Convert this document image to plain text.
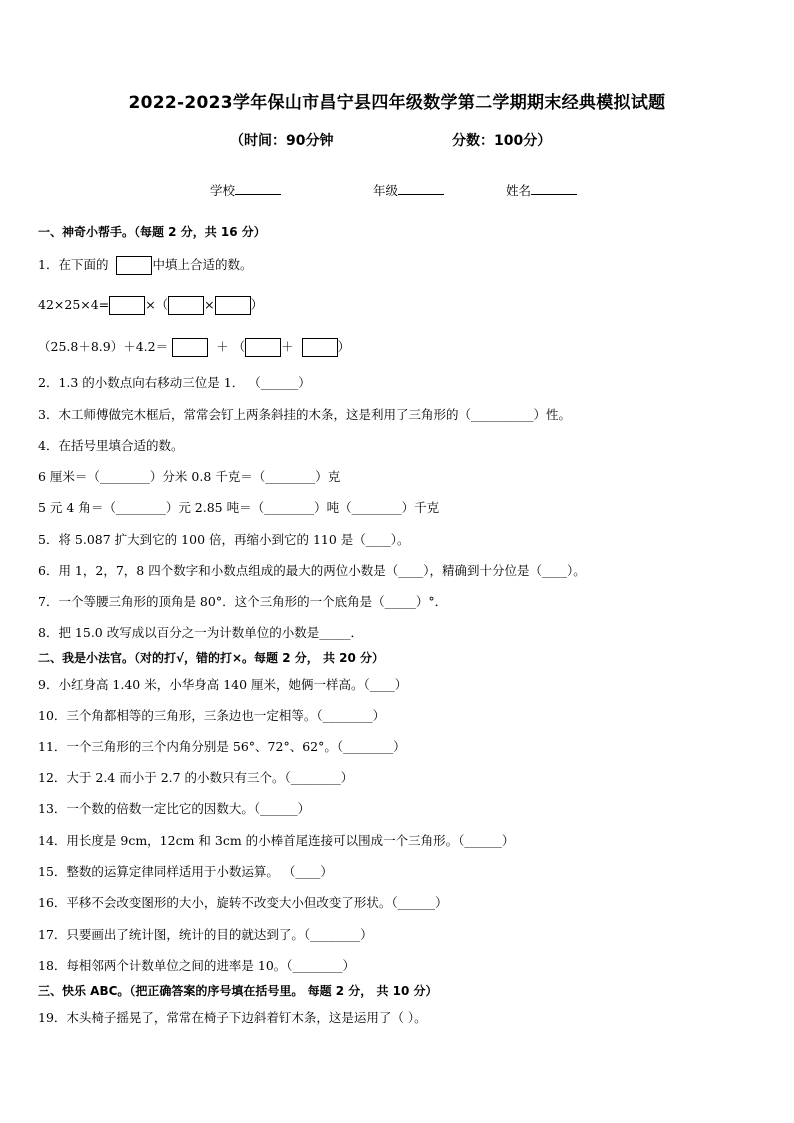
2022-2023学年保山市昌宁县四年级数学第二学期期末经典模拟试题
（时间：90分钟	分数：100分）
学校	年级	姓名
一、神奇小帮手。（每题 2 分，共 16 分）
1．在下面的	中填上合适的数。
42×25×4=	×（	×	）
（25.8＋8.9）＋4.2＝	＋ （	＋	）
2．1.3 的小数点向右移动三位是 1． （______）
3．木工师傅做完木框后，常常会钉上两条斜挂的木条，这是利用了三角形的（__________）性。
4．在括号里填合适的数。
6 厘米＝（________）分米 0.8 千克＝（________）克
5 元 4 角＝（________）元 2.85 吨＝（________）吨（________）千克
5．将 5.087 扩大到它的 100 倍，再缩小到它的 110 是（____）。
6．用 1，2，7，8 四个数字和小数点组成的最大的两位小数是（____），精确到十分位是（____）。
7．一个等腰三角形的顶角是 80°．这个三角形的一个底角是（_____）°．
8．把 15.0 改写成以百分之一为计数单位的小数是_____．
二、我是小法官。（对的打√，错的打×。每题 2 分， 共 20 分）
9．小红身高 1.40 米，小华身高 140 厘米，她俩一样高。（____）
10．三个角都相等的三角形，三条边也一定相等。（________）
11．一个三角形的三个内角分别是 56°、72°、62°。（________）
12．大于 2.4 而小于 2.7 的小数只有三个。（________）
13．一个数的倍数一定比它的因数大。（______）
14．用长度是 9cm，12cm 和 3cm 的小棒首尾连接可以围成一个三角形。（______）
15．整数的运算定律同样适用于小数运算。 （____）
16．平移不会改变图形的大小，旋转不改变大小但改变了形状。（______）
17．只要画出了统计图，统计的目的就达到了。（________）
18．每相邻两个计数单位之间的进率是 10。（________）
三、快乐 ABC。（把正确答案的序号填在括号里。 每题 2 分， 共 10 分）
19．木头椅子摇晃了，常常在椅子下边斜着钉木条，这是运用了（ ）。
